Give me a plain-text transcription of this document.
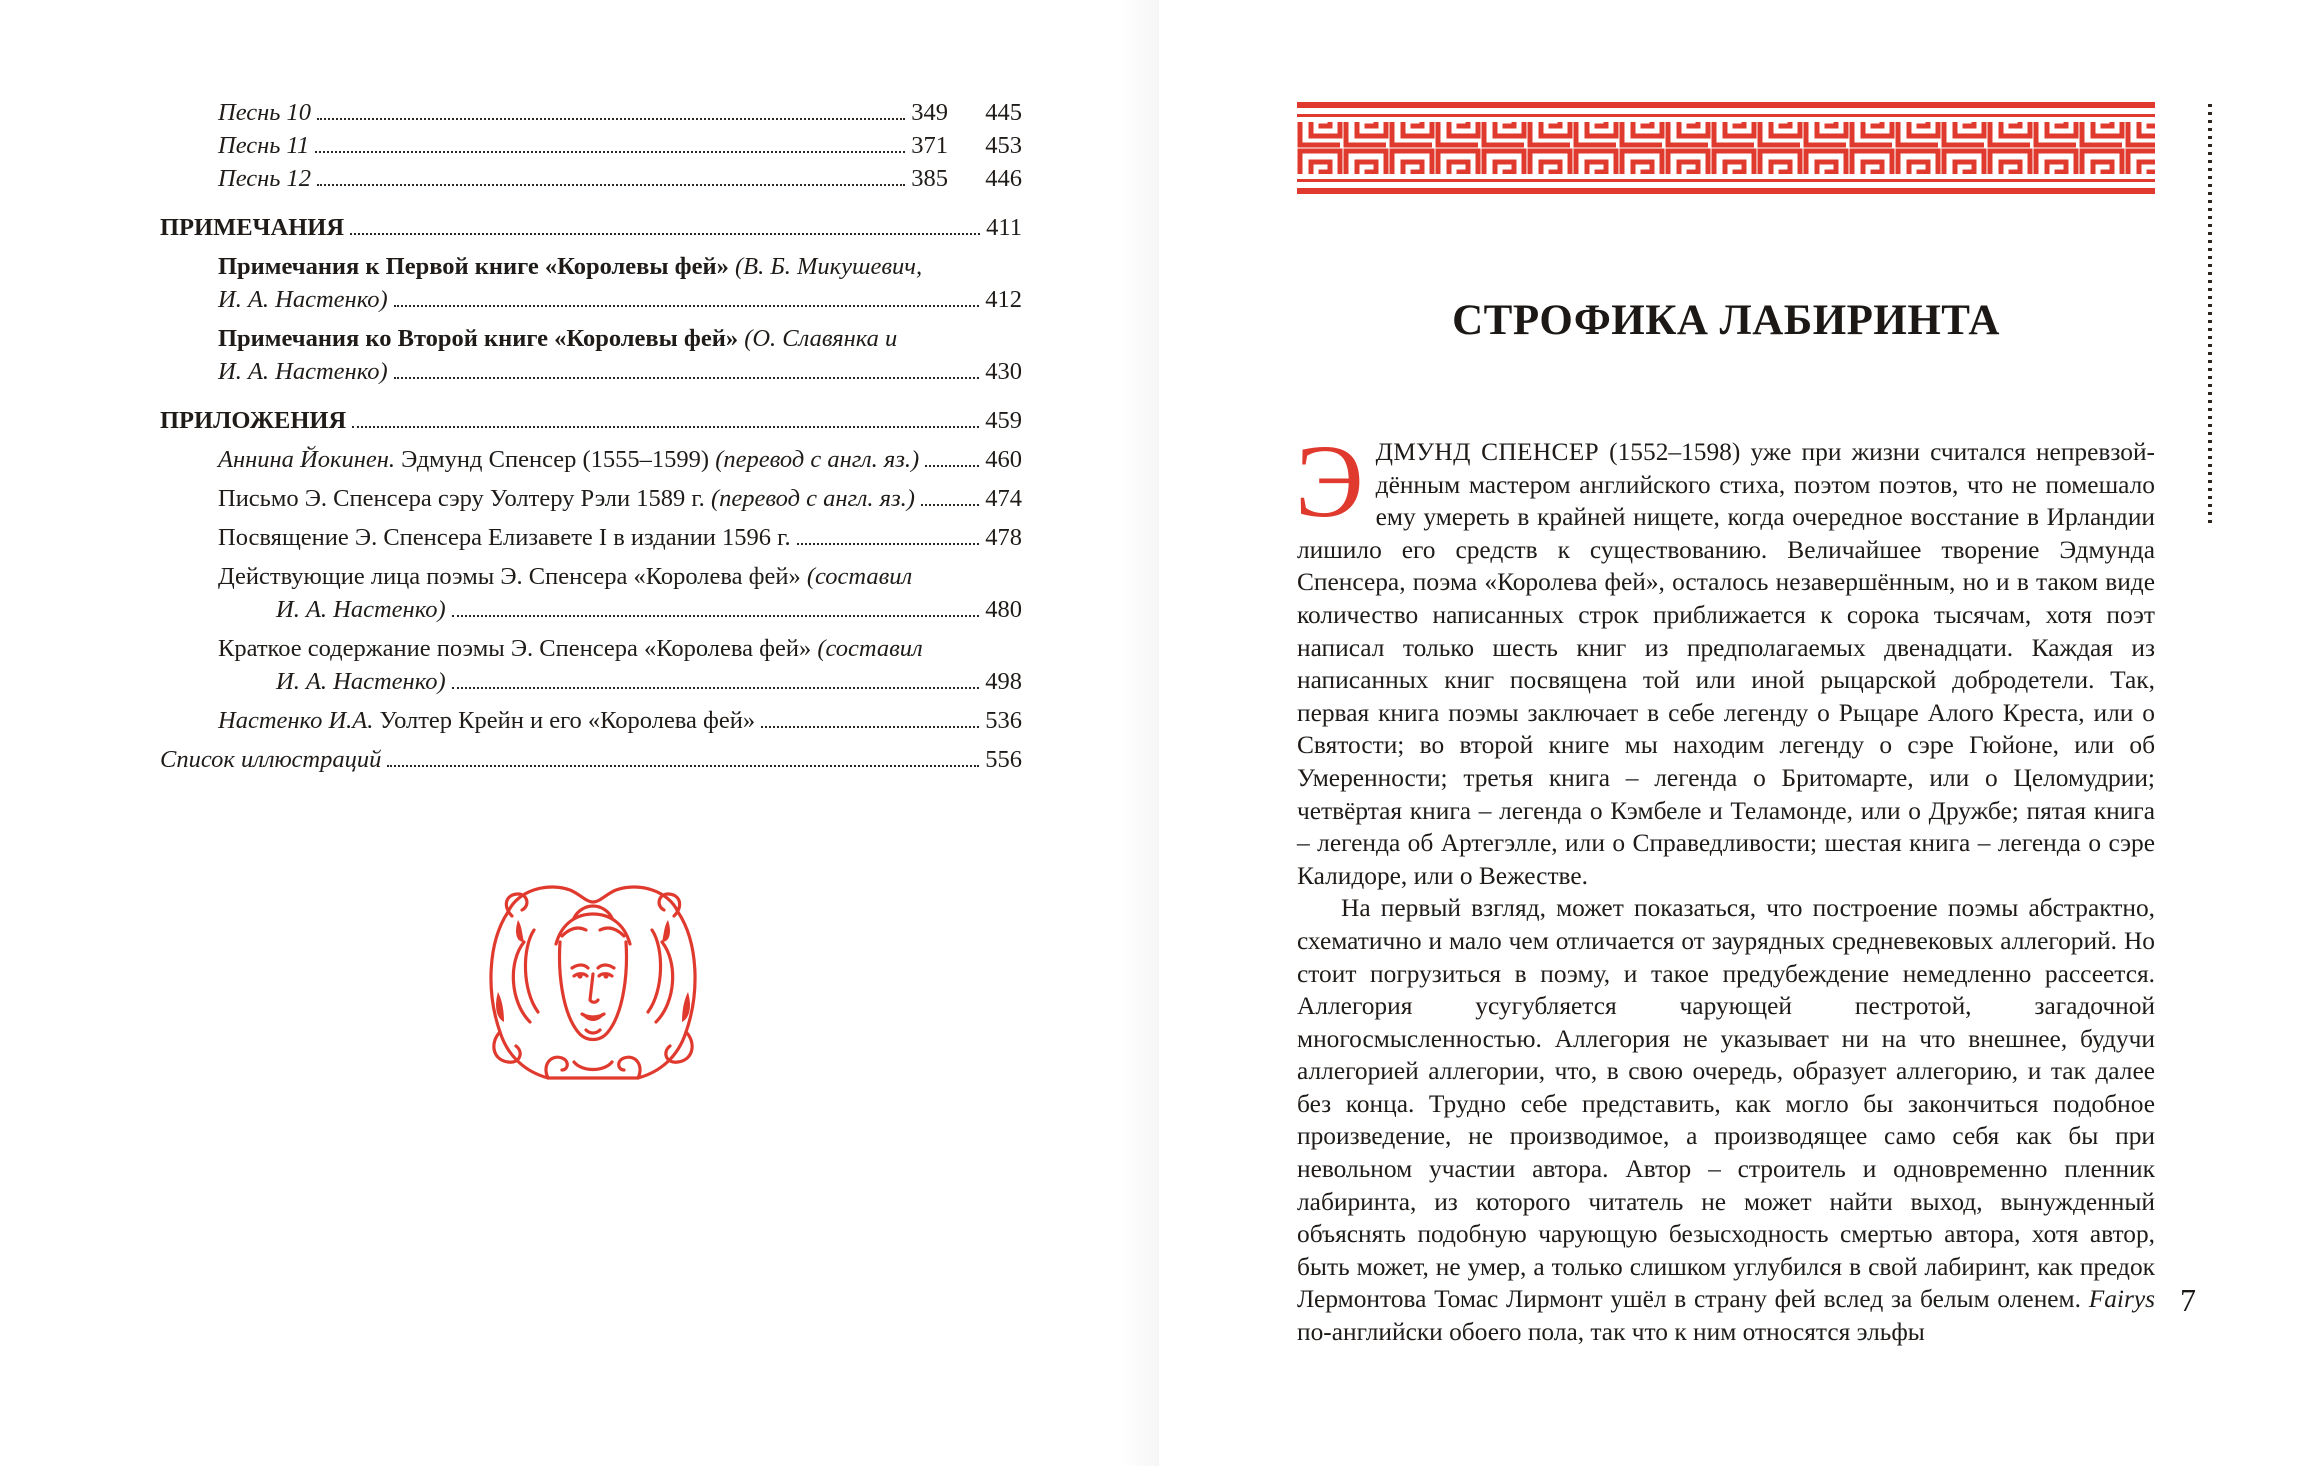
Песнь 10	349	445
Песнь 11	371	453
Песнь 12	385	446
ПРИМЕЧАНИЯ	411
Примечания к Первой книге «Королевы фей» (В. Б. Микушевич,
И. А. Настенко)	412
Примечания ко Второй книге «Королевы фей» (О. Славянка и
И. А. Настенко)	430
ПРИЛОЖЕНИЯ	459
Аннина Йокинен. Эдмунд Спенсер (1555–1599) (перевод с англ. яз.)	460
Письмо Э. Спенсера сэру Уолтеру Рэли 1589 г. (перевод с англ. яз.)	474
Посвящение Э. Спенсера Елизавете I в издании 1596 г.	478
Действующие лица поэмы Э. Спенсера «Королева фей» (составил
И. А. Настенко)	480
Краткое содержание поэмы Э. Спенсера «Королева фей» (составил
И. А. Настенко)	498
Настенко И.А. Уолтер Крейн и его «Королева фей»	536
Список иллюстраций	556
СТРОФИКА ЛАБИРИНТА

ЭДМУНД СПЕНСЕР (1552–1598) уже при жизни считался непревзойдённым мастером английского стиха, поэтом поэтов, что не помешало ему умереть в крайней нищете, когда очередное восстание в Ирландии лишило его средств к существованию. Величайшее творение Эдмунда Спенсера, поэма «Королева фей», осталось незавершённым, но и в таком виде количество написанных строк приближается к сорока тысячам, хотя поэт написал только шесть книг из предполагаемых двенадцати. Каждая из написанных книг посвящена той или иной рыцарской добродетели. Так, первая книга поэмы заключает в себе легенду о Рыцаре Алого Креста, или о Святости; во второй книге мы находим легенду о сэре Гюйоне, или об Умеренности; третья книга – легенда о Бритомарте, или о Целомудрии; четвёртая книга – легенда о Кэмбеле и Теламонде, или о Дружбе; пятая книга – легенда об Артегэлле, или о Справедливости; шестая книга – легенда о сэре Калидоре, или о Вежестве.

На первый взгляд, может показаться, что построение поэмы абстрактно, схематично и мало чем отличается от заурядных средневековых аллегорий. Но стоит погрузиться в поэму, и такое предубеждение немедленно рассеется. Аллегория усугубляется чарующей пестротой, загадочной многосмысленностью. Аллегория не указывает ни на что внешнее, будучи аллегорией аллегории, что, в свою очередь, образует аллегорию, и так далее без конца. Трудно себе представить, как могло бы закончиться подобное произведение, не производимое, а производящее само себя как бы при невольном участии автора. Автор – строитель и одновременно пленник лабиринта, из которого читатель не может найти выход, вынужденный объяснять подобную чарующую безысходность смертью автора, хотя автор, быть может, не умер, а только слишком углубился в свой лабиринт, как предок Лермонтова Томас Лирмонт ушёл в страну фей вслед за белым оленем. Fairys по-английски обоего пола, так что к ним относятся эльфы

7
